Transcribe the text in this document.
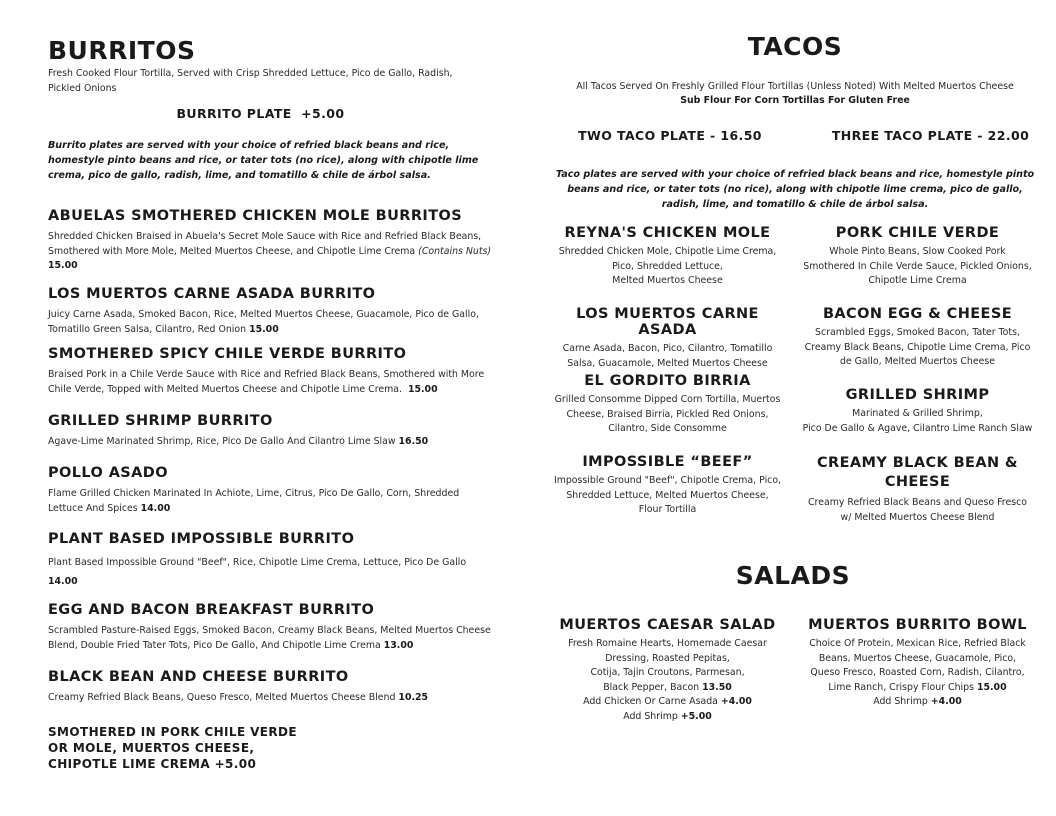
BURRITOS
Fresh Cooked Flour Tortilla, Served with Crisp Shredded Lettuce, Pico de Gallo, Radish, Pickled Onions
BURRITO PLATE  +5.00
Burrito plates are served with your choice of refried black beans and rice, homestyle pinto beans and rice, or tater tots (no rice), along with chipotle lime crema, pico de gallo, radish, lime, and tomatillo & chile de árbol salsa.
ABUELAS SMOTHERED CHICKEN MOLE BURRITOS
Shredded Chicken Braised in Abuela's Secret Mole Sauce with Rice and Refried Black Beans, Smothered with More Mole, Melted Muertos Cheese, and Chipotle Lime Crema (Contains Nuts) 15.00
LOS MUERTOS CARNE ASADA BURRITO
Juicy Carne Asada, Smoked Bacon, Rice, Melted Muertos Cheese, Guacamole, Pico de Gallo, Tomatillo Green Salsa, Cilantro, Red Onion 15.00
SMOTHERED SPICY CHILE VERDE BURRITO
Braised Pork in a Chile Verde Sauce with Rice and Refried Black Beans, Smothered with More Chile Verde, Topped with Melted Muertos Cheese and Chipotle Lime Crema. 15.00
GRILLED SHRIMP BURRITO
Agave-Lime Marinated Shrimp, Rice, Pico De Gallo And Cilantro Lime Slaw 16.50
POLLO ASADO
Flame Grilled Chicken Marinated In Achiote, Lime, Citrus, Pico De Gallo, Corn, Shredded Lettuce And Spices 14.00
PLANT BASED IMPOSSIBLE BURRITO
Plant Based Impossible Ground "Beef", Rice, Chipotle Lime Crema, Lettuce, Pico De Gallo
14.00
EGG AND BACON BREAKFAST BURRITO
Scrambled Pasture-Raised Eggs, Smoked Bacon, Creamy Black Beans, Melted Muertos Cheese Blend, Double Fried Tater Tots, Pico De Gallo, And Chipotle Lime Crema 13.00
BLACK BEAN AND CHEESE BURRITO
Creamy Refried Black Beans, Queso Fresco, Melted Muertos Cheese Blend 10.25
SMOTHERED IN PORK CHILE VERDE
OR MOLE, MUERTOS CHEESE,
CHIPOTLE LIME CREMA +5.00
TACOS
All Tacos Served On Freshly Grilled Flour Tortillas (Unless Noted) With Melted Muertos Cheese
Sub Flour For Corn Tortillas For Gluten Free
TWO TACO PLATE - 16.50	THREE TACO PLATE - 22.00
Taco plates are served with your choice of refried black beans and rice, homestyle pinto beans and rice, or tater tots (no rice), along with chipotle lime crema, pico de gallo, radish, lime, and tomatillo & chile de árbol salsa.
REYNA'S CHICKEN MOLE
Shredded Chicken Mole, Chipotle Lime Crema,
Pico, Shredded Lettuce,
Melted Muertos Cheese
PORK CHILE VERDE
Whole Pinto Beans, Slow Cooked Pork
Smothered In Chile Verde Sauce, Pickled Onions,
Chipotle Lime Crema
LOS MUERTOS CARNE ASADA
Carne Asada, Bacon, Pico, Cilantro, Tomatillo
Salsa, Guacamole, Melted Muertos Cheese
BACON EGG & CHEESE
Scrambled Eggs, Smoked Bacon, Tater Tots,
Creamy Black Beans, Chipotle Lime Crema, Pico
de Gallo, Melted Muertos Cheese
EL GORDITO BIRRIA
Grilled Consomme Dipped Corn Tortilla, Muertos
Cheese, Braised Birria, Pickled Red Onions,
Cilantro, Side Consomme
GRILLED SHRIMP
Marinated & Grilled Shrimp,
Pico De Gallo & Agave, Cilantro Lime Ranch Slaw
IMPOSSIBLE “BEEF”
Impossible Ground "Beef", Chipotle Crema, Pico,
Shredded Lettuce, Melted Muertos Cheese,
Flour Tortilla
CREAMY BLACK BEAN &
CHEESE
Creamy Refried Black Beans and Queso Fresco
w/ Melted Muertos Cheese Blend
SALADS
MUERTOS CAESAR SALAD
Fresh Romaine Hearts, Homemade Caesar
Dressing, Roasted Pepitas,
Cotija, Tajin Croutons, Parmesan,
Black Pepper, Bacon 13.50
Add Chicken Or Carne Asada +4.00
Add Shrimp +5.00
MUERTOS BURRITO BOWL
Choice Of Protein, Mexican Rice, Refried Black
Beans, Muertos Cheese, Guacamole, Pico,
Queso Fresco, Roasted Corn, Radish, Cilantro,
Lime Ranch, Crispy Flour Chips 15.00
Add Shrimp +4.00
